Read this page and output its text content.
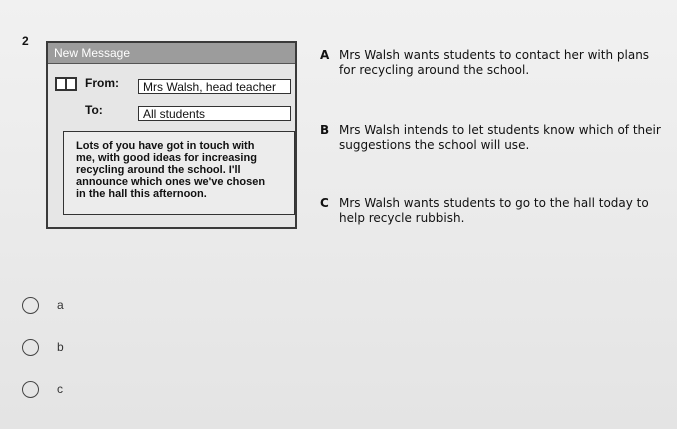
2
New Message
From:	Mrs Walsh, head teacher
To:	All students
Lots of you have got in touch with
me, with good ideas for increasing
recycling around the school. I'll
announce which ones we've chosen
in the hall this afternoon.
A Mrs Walsh wants students to contact her with plans for recycling around the school.
B Mrs Walsh intends to let students know which of their suggestions the school will use.
C Mrs Walsh wants students to go to the hall today to help recycle rubbish.
a
b
c
